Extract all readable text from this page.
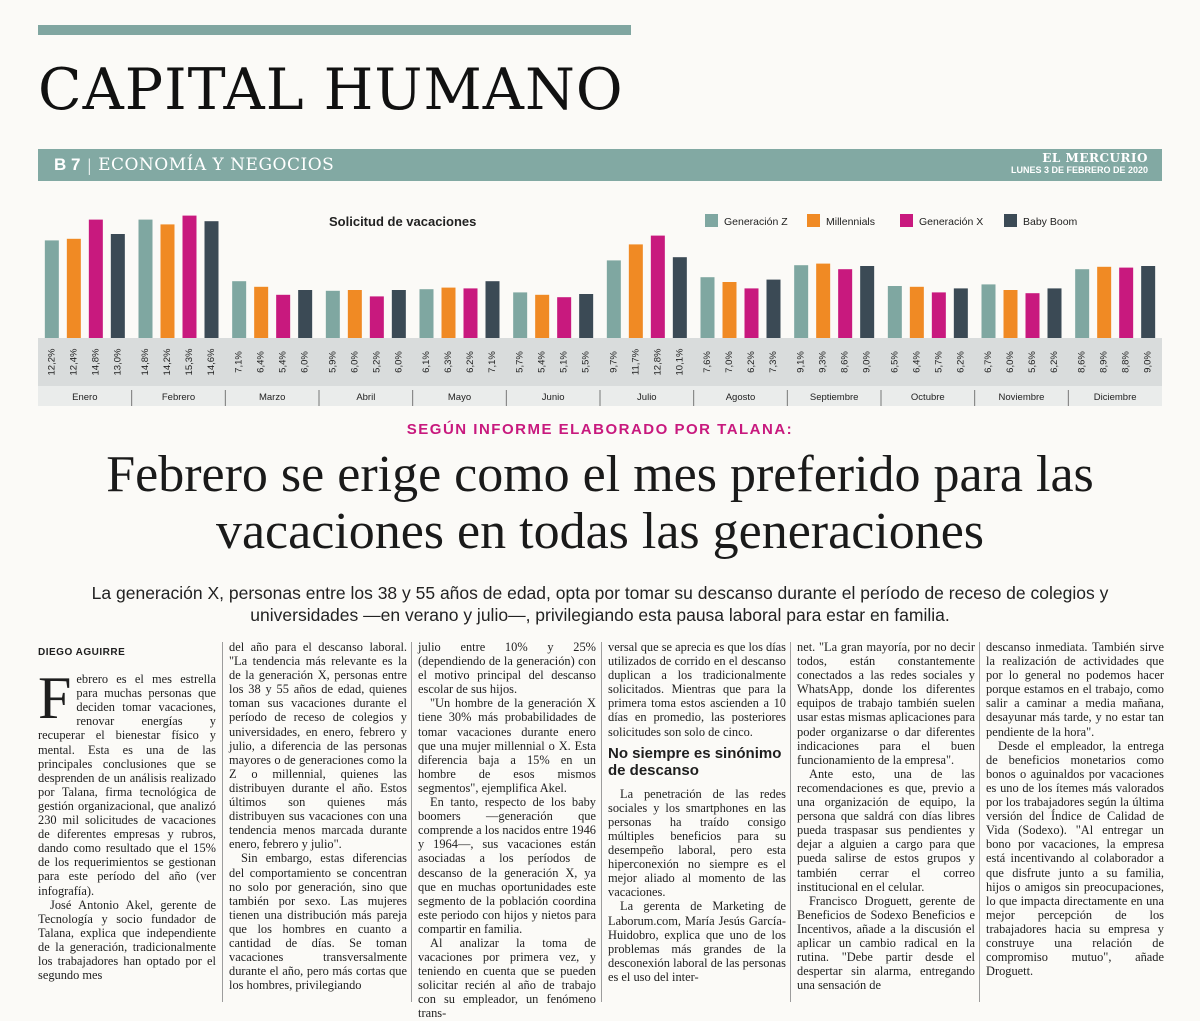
CAPITAL HUMANO
B 7 | ECONOMÍA Y NEGOCIOS	EL MERCURIO
LUNES 3 DE FEBRERO DE 2020
Solicitud de vacaciones	Generación Z	Millennials	Generación X	Baby Boom
12,2% 12,4% 14,8% 13,0%
Enero
14,8% 14,2% 15,3% 14,6%
Febrero
7,1% 6,4% 5,4% 6,0%
Marzo
5,9% 6,0% 5,2% 6,0%
Abril
6,1% 6,3% 6,2% 7,1%
Mayo
5,7% 5,4% 5,1% 5,5%
Junio
9,7% 11,7% 12,8% 10,1%
Julio
7,6% 7,0% 6,2% 7,3%
Agosto
9,1% 9,3% 8,6% 9,0%
Septiembre
6,5% 6,4% 5,7% 6,2%
Octubre
6,7% 6,0% 5,6% 6,2%
Noviembre
8,6% 8,9% 8,8% 9,0%
Diciembre
SEGÚN INFORME ELABORADO POR TALANA:
Febrero se erige como el mes preferido para las vacaciones en todas las generaciones
La generación X, personas entre los 38 y 55 años de edad, opta por tomar su descanso durante el período de receso de colegios y universidades —en verano y julio—, privilegiando esta pausa laboral para estar en familia.
DIEGO AGUIRRE

Febrero es el mes estrella para muchas personas que deciden tomar vacaciones, renovar energías y recuperar el bienestar físico y mental. Esta es una de las principales conclusiones que se desprenden de un análisis realizado por Talana, firma tecnológica de gestión organizacional, que analizó 230 mil solicitudes de vacaciones de diferentes empresas y rubros, dando como resultado que el 15% de los requerimientos se gestionan para este período del año (ver infografía).

José Antonio Akel, gerente de Tecnología y socio fundador de Talana, explica que independiente de la generación, tradicionalmente los trabajadores han optado por el segundo mes

del año para el descanso laboral. "La tendencia más relevante es la de la generación X, personas entre los 38 y 55 años de edad, quienes toman sus vacaciones durante el período de receso de colegios y universidades, en enero, febrero y julio, a diferencia de las personas mayores o de generaciones como la Z o millennial, quienes las distribuyen durante el año. Estos últimos son quienes más distribuyen sus vacaciones con una tendencia menos marcada durante enero, febrero y julio".

Sin embargo, estas diferencias del comportamiento se concentran no solo por generación, sino que también por sexo. Las mujeres tienen una distribución más pareja que los hombres en cuanto a cantidad de días. Se toman vacaciones transversalmente durante el año, pero más cortas que los hombres, privilegiando

julio entre 10% y 25% (dependiendo de la generación) con el motivo principal del descanso escolar de sus hijos.

"Un hombre de la generación X tiene 30% más probabilidades de tomar vacaciones durante enero que una mujer millennial o X. Esta diferencia baja a 15% en un hombre de esos mismos segmentos", ejemplifica Akel.

En tanto, respecto de los baby boomers —generación que comprende a los nacidos entre 1946 y 1964—, sus vacaciones están asociadas a los períodos de descanso de la generación X, ya que en muchas oportunidades este segmento de la población coordina este periodo con hijos y nietos para compartir en familia.

Al analizar la toma de vacaciones por primera vez, y teniendo en cuenta que se pueden solicitar recién al año de trabajo con su empleador, un fenómeno trans-

versal que se aprecia es que los días utilizados de corrido en el descanso duplican a los tradicionalmente solicitados. Mientras que para la primera toma estos ascienden a 10 días en promedio, las posteriores solicitudes son solo de cinco.

No siempre es sinónimo de descanso

La penetración de las redes sociales y los smartphones en las personas ha traído consigo múltiples beneficios para su desempeño laboral, pero esta hiperconexión no siempre es el mejor aliado al momento de las vacaciones.

La gerenta de Marketing de Laborum.com, María Jesús García-Huidobro, explica que uno de los problemas más grandes de la desconexión laboral de las personas es el uso del inter-

net. "La gran mayoría, por no decir todos, están constantemente conectados a las redes sociales y WhatsApp, donde los diferentes equipos de trabajo también suelen usar estas mismas aplicaciones para poder organizarse o dar diferentes indicaciones para el buen funcionamiento de la empresa".

Ante esto, una de las recomendaciones es que, previo a una organización de equipo, la persona que saldrá con días libres pueda traspasar sus pendientes y dejar a alguien a cargo para que pueda salirse de estos grupos y también cerrar el correo institucional en el celular.

Francisco Droguett, gerente de Beneficios de Sodexo Beneficios e Incentivos, añade a la discusión el aplicar un cambio radical en la rutina. "Debe partir desde el despertar sin alarma, entregando una sensación de

descanso inmediata. También sirve la realización de actividades que por lo general no podemos hacer porque estamos en el trabajo, como salir a caminar a media mañana, desayunar más tarde, y no estar tan pendiente de la hora".

Desde el empleador, la entrega de beneficios monetarios como bonos o aguinaldos por vacaciones es uno de los ítemes más valorados por los trabajadores según la última versión del Índice de Calidad de Vida (Sodexo). "Al entregar un bono por vacaciones, la empresa está incentivando al colaborador a que disfrute junto a su familia, hijos o amigos sin preocupaciones, lo que impacta directamente en una mejor percepción de los trabajadores hacia su empresa y construye una relación de compromiso mutuo", añade Droguett.
